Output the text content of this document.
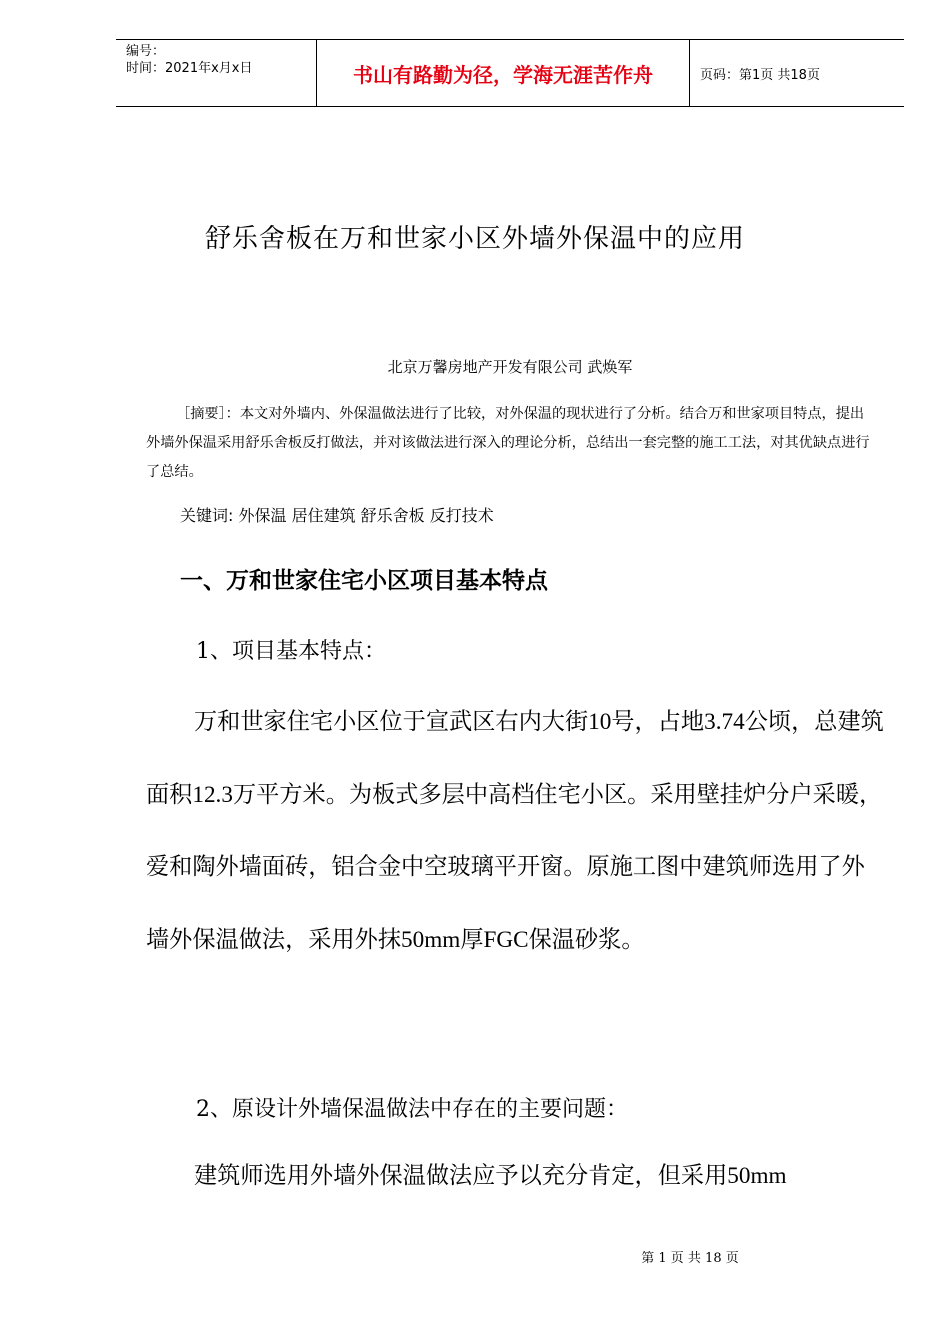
编号：
时间：2021年x月x日	书山有路勤为径，学海无涯苦作舟	页码：第1页 共18页
舒乐舍板在万和世家小区外墙外保温中的应用
北京万馨房地产开发有限公司 武焕军
［摘要］：本文对外墙内、外保温做法进行了比较，对外保温的现状进行了分析。结合万和世家项目特点，提出外墙外保温采用舒乐舍板反打做法，并对该做法进行深入的理论分析，总结出一套完整的施工工法，对其优缺点进行了总结。
关键词: 外保温 居住建筑 舒乐舍板 反打技术
一、万和世家住宅小区项目基本特点
1、项目基本特点：
万和世家住宅小区位于宣武区右内大街10号，占地3.74公顷，总建筑面积12.3万平方米。为板式多层中高档住宅小区。采用壁挂炉分户采暖，爱和陶外墙面砖，铝合金中空玻璃平开窗。原施工图中建筑师选用了外墙外保温做法，采用外抹50mm厚FGC保温砂浆。
2、原设计外墙保温做法中存在的主要问题：
建筑师选用外墙外保温做法应予以充分肯定，但采用50mm
第 1 页 共 18 页
